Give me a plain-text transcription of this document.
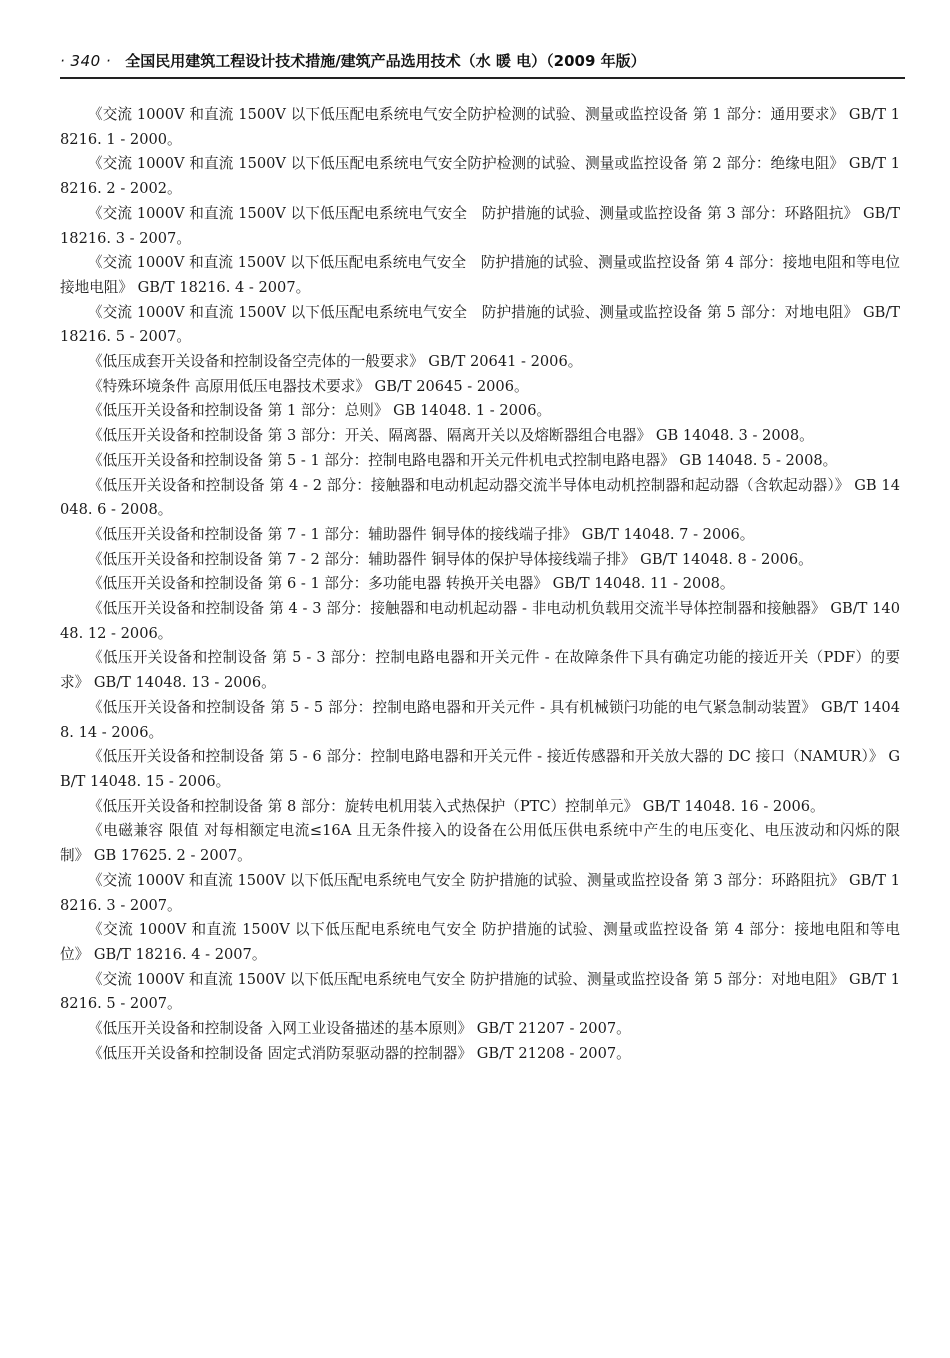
· 340 · 全国民用建筑工程设计技术措施/建筑产品选用技术（水 暖 电）（2009 年版）

《交流 1000V 和直流 1500V 以下低压配电系统电气安全防护检测的试验、测量或监控设备 第 1 部分：通用要求》 GB/T 18216. 1 - 2000。

《交流 1000V 和直流 1500V 以下低压配电系统电气安全防护检测的试验、测量或监控设备 第 2 部分：绝缘电阻》 GB/T 18216. 2 - 2002。

《交流 1000V 和直流 1500V 以下低压配电系统电气安全　防护措施的试验、测量或监控设备 第 3 部分：环路阻抗》 GB/T 18216. 3 - 2007。

《交流 1000V 和直流 1500V 以下低压配电系统电气安全　防护措施的试验、测量或监控设备 第 4 部分：接地电阻和等电位接地电阻》 GB/T 18216. 4 - 2007。

《交流 1000V 和直流 1500V 以下低压配电系统电气安全　防护措施的试验、测量或监控设备 第 5 部分：对地电阻》 GB/T 18216. 5 - 2007。

《低压成套开关设备和控制设备空壳体的一般要求》 GB/T 20641 - 2006。

《特殊环境条件 高原用低压电器技术要求》 GB/T 20645 - 2006。

《低压开关设备和控制设备 第 1 部分：总则》 GB 14048. 1 - 2006。

《低压开关设备和控制设备 第 3 部分：开关、隔离器、隔离开关以及熔断器组合电器》 GB 14048. 3 - 2008。

《低压开关设备和控制设备 第 5 - 1 部分：控制电路电器和开关元件机电式控制电路电器》 GB 14048. 5 - 2008。

《低压开关设备和控制设备 第 4 - 2 部分：接触器和电动机起动器交流半导体电动机控制器和起动器（含软起动器）》 GB 14048. 6 - 2008。

《低压开关设备和控制设备 第 7 - 1 部分：辅助器件 铜导体的接线端子排》 GB/T 14048. 7 - 2006。

《低压开关设备和控制设备 第 7 - 2 部分：辅助器件 铜导体的保护导体接线端子排》 GB/T 14048. 8 - 2006。

《低压开关设备和控制设备 第 6 - 1 部分：多功能电器 转换开关电器》 GB/T 14048. 11 - 2008。

《低压开关设备和控制设备 第 4 - 3 部分：接触器和电动机起动器 - 非电动机负载用交流半导体控制器和接触器》 GB/T 14048. 12 - 2006。

《低压开关设备和控制设备 第 5 - 3 部分：控制电路电器和开关元件 - 在故障条件下具有确定功能的接近开关（PDF）的要求》 GB/T 14048. 13 - 2006。

《低压开关设备和控制设备 第 5 - 5 部分：控制电路电器和开关元件 - 具有机械锁闩功能的电气紧急制动装置》 GB/T 14048. 14 - 2006。

《低压开关设备和控制设备 第 5 - 6 部分：控制电路电器和开关元件 - 接近传感器和开关放大器的 DC 接口（NAMUR）》 GB/T 14048. 15 - 2006。

《低压开关设备和控制设备 第 8 部分：旋转电机用装入式热保护（PTC）控制单元》 GB/T 14048. 16 - 2006。

《电磁兼容 限值 对每相额定电流≤16A 且无条件接入的设备在公用低压供电系统中产生的电压变化、电压波动和闪烁的限制》 GB 17625. 2 - 2007。

《交流 1000V 和直流 1500V 以下低压配电系统电气安全 防护措施的试验、测量或监控设备 第 3 部分：环路阻抗》 GB/T 18216. 3 - 2007。

《交流 1000V 和直流 1500V 以下低压配电系统电气安全 防护措施的试验、测量或监控设备 第 4 部分：接地电阻和等电位》 GB/T 18216. 4 - 2007。

《交流 1000V 和直流 1500V 以下低压配电系统电气安全 防护措施的试验、测量或监控设备 第 5 部分：对地电阻》 GB/T 18216. 5 - 2007。

《低压开关设备和控制设备 入网工业设备描述的基本原则》 GB/T 21207 - 2007。

《低压开关设备和控制设备 固定式消防泵驱动器的控制器》 GB/T 21208 - 2007。
